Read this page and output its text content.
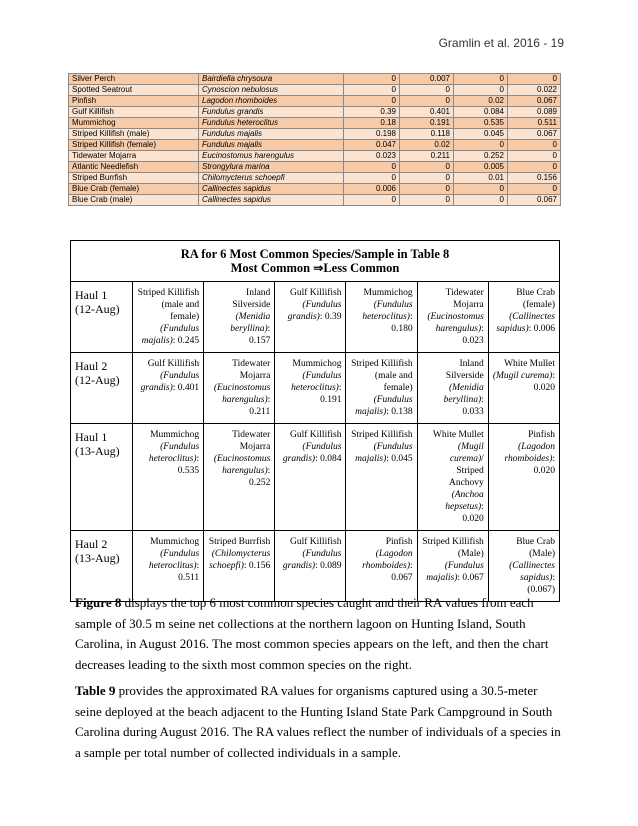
Gramlin et al. 2016 - 19
Silver Perch	Bairdiella chrysoura	0	0.007	0	0
Spotted Seatrout	Cynoscion nebulosus	0	0	0	0.022
Pinfish	Lagodon rhomboides	0	0	0.02	0.067
Gulf Killifish	Fundulus grandis	0.39	0.401	0.084	0.089
Mummichog	Fundulus heteroclitus	0.18	0.191	0.535	0.511
Striped Killifish (male)	Fundulus majalis	0.198	0.118	0.045	0.067
Striped Killifish (female)	Fundulus majalis	0.047	0.02	0	0
Tidewater Mojarra	Eucinostomus harengulus	0.023	0.211	0.252	0
Atlantic Needlefish	Strongylura marina	0	0	0.005	0
Striped Burrfish	Chilomycterus schoepfi	0	0	0.01	0.156
Blue Crab (female)	Callinectes sapidus	0.006	0	0	0
Blue Crab (male)	Callinectes sapidus	0	0	0	0.067
RA for 6 Most Common Species/Sample in Table 8
Most Common ⇒Less Common						

Haul 1
(12-Aug)	Striped Killifish (male and female) (Fundulus majalis): 0.245	Inland Silverside (Menidia beryllina): 0.157	Gulf Killifish (Fundulus grandis): 0.39	Mummichog (Fundulus heteroclitus): 0.180	Tidewater Mojarra (Eucinostomus harengulus): 0.023	Blue Crab (female) (Callinectes sapidus): 0.006

Haul 2
(12-Aug)	Gulf Killifish (Fundulus grandis): 0.401	Tidewater Mojarra (Eucinostomus harengulus): 0.211	Mummichog (Fundulus heteroclitus): 0.191	Striped Killifish (male and female) (Fundulus majalis): 0.138	Inland Silverside (Menidia beryllina): 0.033	White Mullet (Mugil curema): 0.020

Haul 1
(13-Aug)	Mummichog (Fundulus heteroclitus): 0.535	Tidewater Mojarra (Eucinostomus harengulus): 0.252	Gulf Killifish (Fundulus grandis): 0.084	Striped Killifish (Fundulus majalis): 0.045	White Mullet (Mugil curema)/ Striped Anchovy (Anchoa hepsetus): 0.020	Pinfish (Lagodon rhomboides): 0.020

Haul 2
(13-Aug)	Mummichog (Fundulus heteroclitus): 0.511	Striped Burrfish (Chilomycterus schoepfi): 0.156	Gulf Killifish (Fundulus grandis): 0.089	Pinfish (Lagodon rhomboides): 0.067	Striped Killifish (Male) (Fundulus majalis): 0.067	Blue Crab (Male) (Callinectes sapidus): (0.067)

Figure 8 displays the top 6 most common species caught and their RA values from each sample of 30.5 m seine net collections at the northern lagoon on Hunting Island, South Carolina, in August 2016. The most common species appears on the left, and then the chart decreases leading to the sixth most common species on the right.

Table 9 provides the approximated RA values for organisms captured using a 30.5-meter seine deployed at the beach adjacent to the Hunting Island State Park Campground in South Carolina during August 2016. The RA values reflect the number of individuals of a species in a sample per total number of collected individuals in a sample.
